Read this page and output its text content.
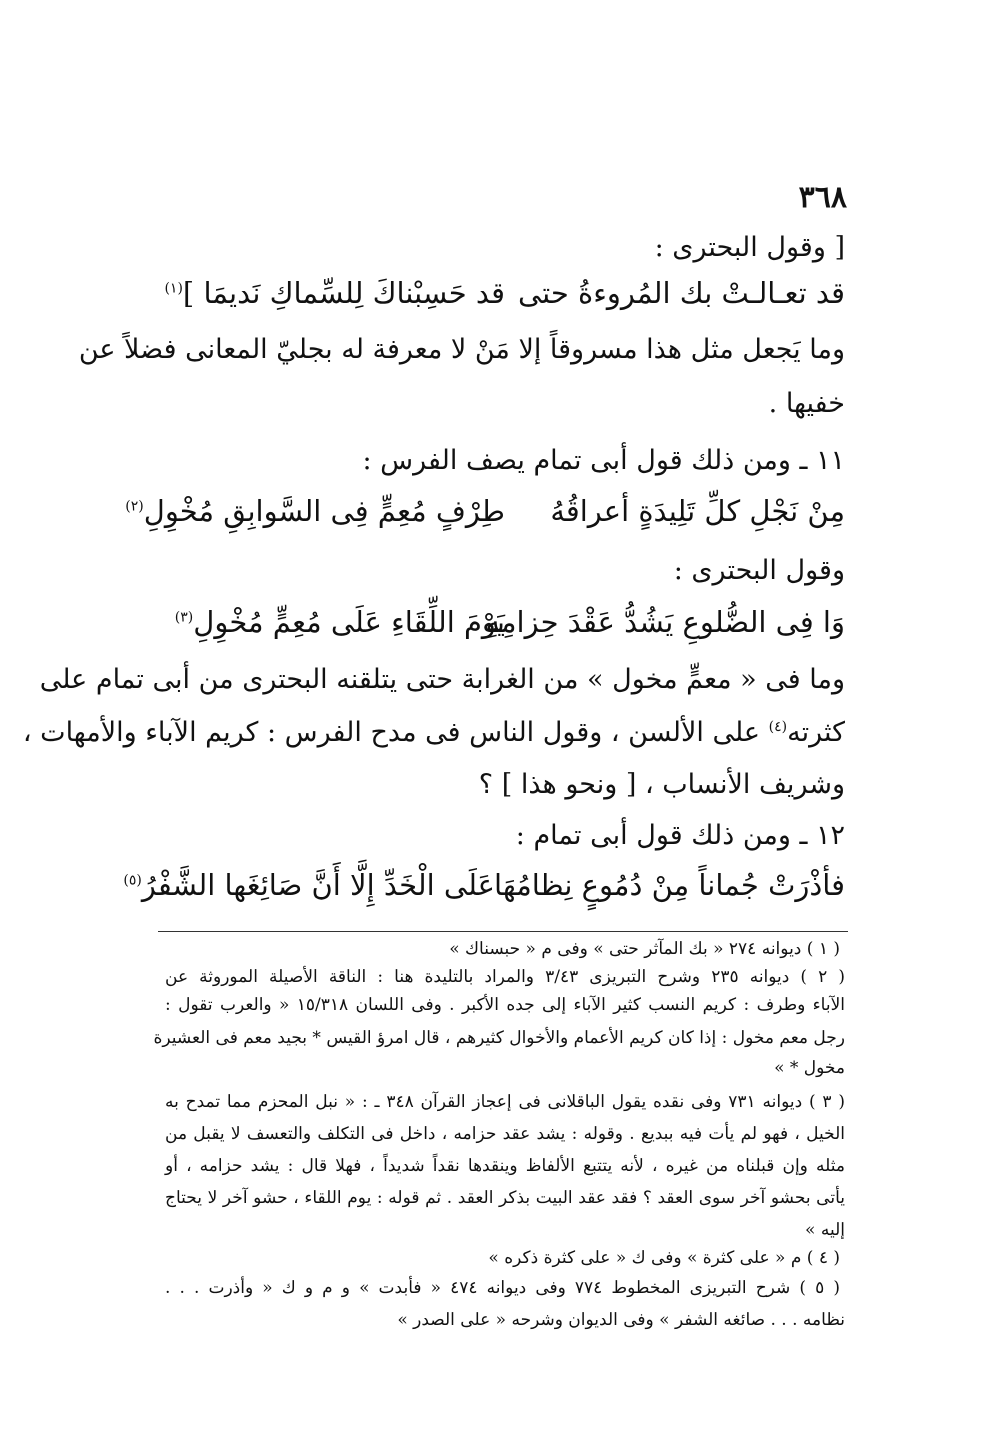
٣٦٨
[ وقول البحترى :
قد تعـالـتْ بك المُروءةُ حتى
قد حَسِبْناكَ لِلسِّماكِ نَديمَا ]$^{(١)}$
وما يَجعل مثل هذا مسروقاً إلا مَنْ لا معرفة له بجليّ المعانى فضلاً عن
خفيها .
١١ ـ ومن ذلك قول أبى تمام يصف الفرس :
مِنْ نَجْلِ كلِّ تَلِيدَةٍ أعراقُهُ
طِرْفٍ مُعِمٍّ فِى السَّوابِقِ مُخْوِلِ$^{(٢)}$
وقول البحترى :
وَا فِى الضُّلوعِ يَشُدُّ عَقْدَ حِزامِهِ
يَوْمَ اللِّقَاءِ عَلَى مُعِمٍّ مُخْوِلِ$^{(٣)}$
وما فى « معمٍّ مخول » من الغرابة حتى يتلقنه البحترى من أبى تمام على
كثرته$^{(٤)}$ على الألسن ، وقول الناس فى مدح الفرس : كريم الآباء والأمهات ،
وشريف الأنساب ، [ ونحو هذا ] ؟
١٢ ـ ومن ذلك قول أبى تمام :
فأذْرَتْ جُماناً مِنْ دُمُوعٍ نِظامُهَا
عَلَى الْخَدِّ إِلَّا أَنَّ صَائِغَها الشَّفْرُ$^{(٥)}$
( ١ ) ديوانه ٢٧٤ « بك المآثر حتى » وفى م « حبسناك »
( ٢ ) ديوانه ٢٣٥ وشرح التبريزى ٣/٤٣ والمراد بالتليدة هنا : الناقة الأصيلة الموروثة عن
الآباء وطرف : كريم النسب كثير الآباء إلى جده الأكبر . وفى اللسان ١٥/٣١٨ « والعرب تقول :
رجل معم مخول : إذا كان كريم الأعمام والأخوال كثيرهم ، قال امرؤ القيس * بجيد معم فى العشيرة
مخول * »
( ٣ ) ديوانه ٧٣١ وفى نقده يقول الباقلانى فى إعجاز القرآن ٣٤٨ ـ : « نبل المحزم مما تمدح به
الخيل ، فهو لم يأت فيه ببديع . وقوله : يشد عقد حزامه ، داخل فى التكلف والتعسف لا يقبل من
مثله وإن قبلناه من غيره ، لأنه يتتبع الألفاظ وينقدها نقداً شديداً ، فهلا قال : يشد حزامه ، أو
يأتى بحشو آخر سوى العقد ؟ فقد عقد البيت بذكر العقد . ثم قوله : يوم اللقاء ، حشو آخر لا يحتاج
إليه »
( ٤ ) م « على كثرة » وفى ك « على كثرة ذكره »
( ٥ ) شرح التبريزى المخطوط ٧٧٤ وفى ديوانه ٤٧٤ « فأبدت » و م و ك « وأذرت . . .
نظامه . . . صائغه الشفر » وفى الديوان وشرحه « على الصدر »
